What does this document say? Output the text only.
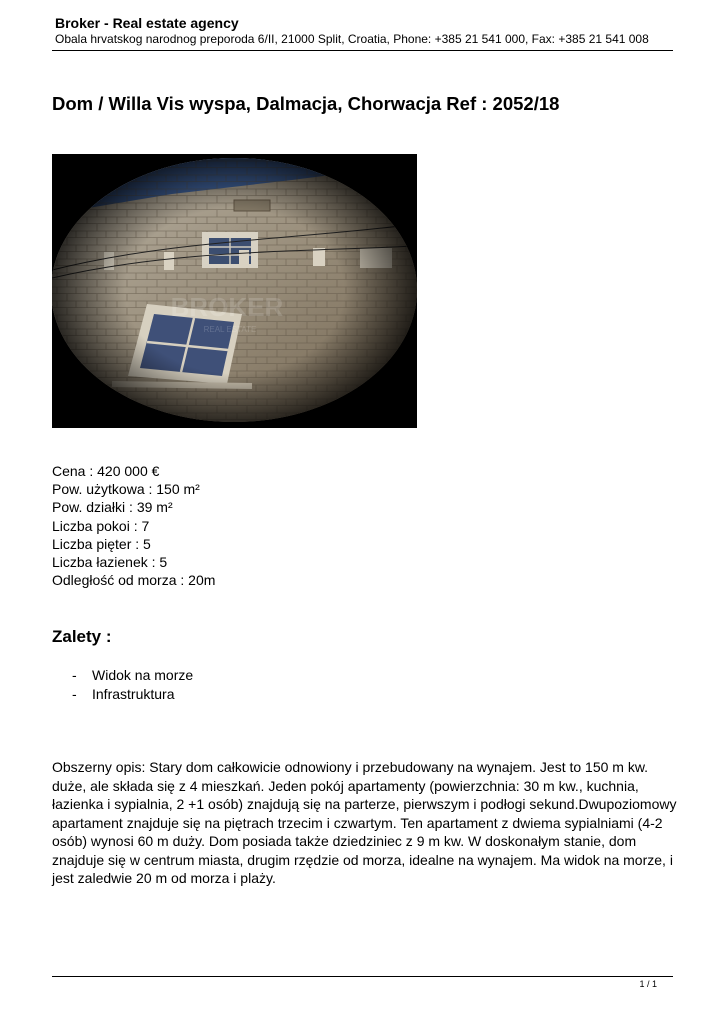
Broker - Real estate agency
Obala hrvatskog narodnog preporoda 6/II, 21000 Split, Croatia, Phone: +385 21 541 000, Fax: +385 21 541 008
Dom / Willa Vis wyspa, Dalmacja, Chorwacja Ref : 2052/18
Cena : 420 000 €
Pow. użytkowa : 150 m²
Pow. działki : 39 m²
Liczba pokoi : 7
Liczba pięter : 5
Liczba łazienek : 5
Odległość od morza : 20m
Zalety :
-	Widok na morze
-	Infrastruktura
Obszerny opis: Stary dom całkowicie odnowiony i przebudowany na wynajem. Jest to 150 m kw. duże, ale składa się z 4 mieszkań. Jeden pokój apartamenty (powierzchnia: 30 m kw., kuchnia, łazienka i sypialnia, 2 +1 osób) znajdują się na parterze, pierwszym i podłogi sekund.Dwupoziomowy apartament znajduje się na piętrach trzecim i czwartym. Ten apartament z dwiema sypialniami (4-2 osób) wynosi 60 m duży. Dom posiada także dziedziniec z 9 m kw. W doskonałym stanie, dom znajduje się w centrum miasta, drugim rzędzie od morza, idealne na wynajem. Ma widok na morze, i jest zaledwie 20 m od morza i plaży.
1 / 1
